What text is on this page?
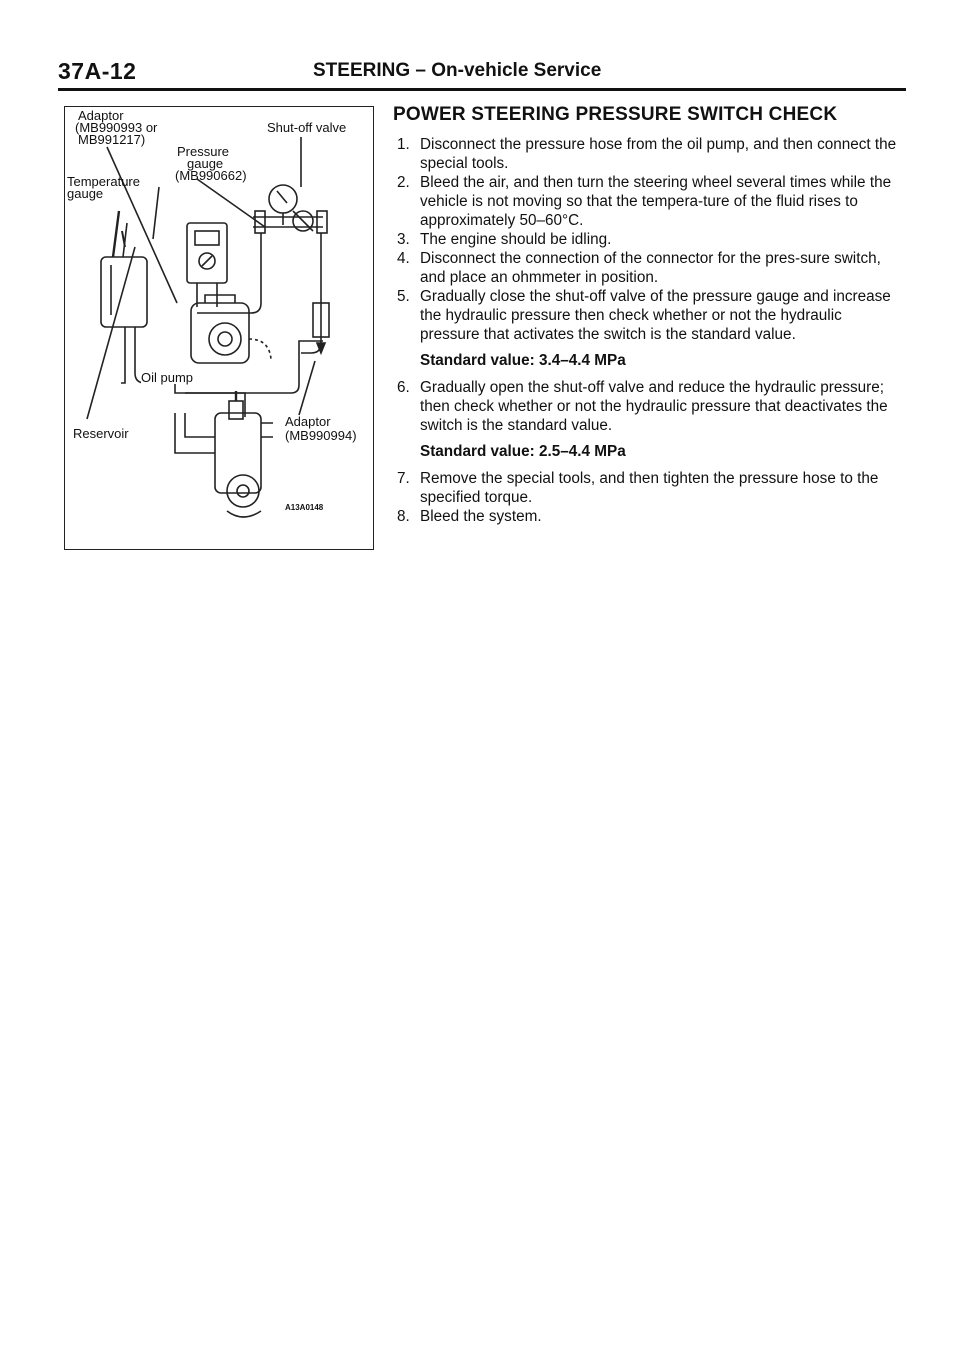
37A-12	STEERING – On-vehicle Service
Adaptor
(MB990993 or
MB991217)
Shut-off valve
Pressure
gauge
(MB990662)
Temperature
gauge
Oil pump
Reservoir
Adaptor
(MB990994)
A13A0148
POWER STEERING PRESSURE SWITCH CHECK
1. Disconnect the pressure hose from the oil pump, and then connect the special tools.
2. Bleed the air, and then turn the steering wheel several times while the vehicle is not moving so that the tempera-ture of the fluid rises to approximately 50–60°C.
3. The engine should be idling.
4. Disconnect the connection of the connector for the pres-sure switch, and place an ohmmeter in position.
5. Gradually close the shut-off valve of the pressure gauge and increase the hydraulic pressure then check whether or not the hydraulic pressure that activates the switch is the standard value.
Standard value: 3.4–4.4 MPa
6. Gradually open the shut-off valve and reduce the hydraulic pressure; then check whether or not the hydraulic pressure that deactivates the switch is the standard value.
Standard value: 2.5–4.4 MPa
7. Remove the special tools, and then tighten the pressure hose to the specified torque.
8. Bleed the system.
